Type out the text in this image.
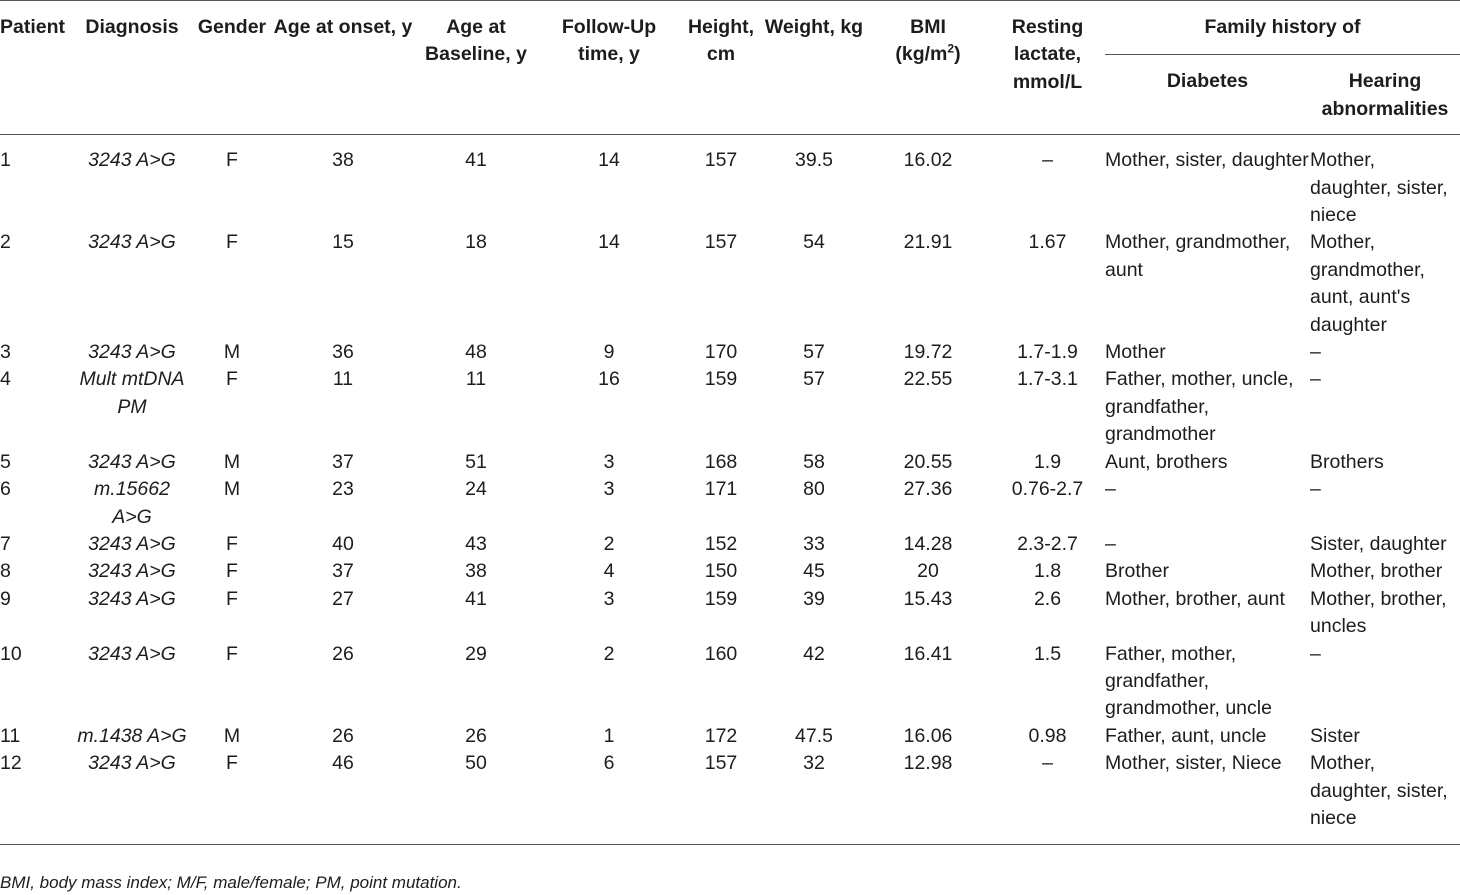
Patient	Diagnosis	Gender	Age at onset, y	Age at Baseline, y	Follow-Up time, y	Height, cm	Weight, kg	BMI
$(kg/m^2)$	Resting lactate, mmol/L	Family history of	
										Diabetes	Hearing abnormalities
1	3243 A>G	F	38	41	14	157	39.5	16.02	–	Mother, sister, daughter	Mother, daughter, sister, niece
2	3243 A>G	F	15	18	14	157	54	21.91	1.67	Mother, grandmother, aunt	Mother, grandmother, aunt, aunt's daughter
3	3243 A>G	M	36	48	9	170	57	19.72	1.7-1.9	Mother	–
4	Mult mtDNA PM	F	11	11	16	159	57	22.55	1.7-3.1	Father, mother, uncle, grandfather, grandmother	–
5	3243 A>G	M	37	51	3	168	58	20.55	1.9	Aunt, brothers	Brothers
6	m.15662 A>G	M	23	24	3	171	80	27.36	0.76-2.7	–	–
7	3243 A>G	F	40	43	2	152	33	14.28	2.3-2.7	–	Sister, daughter
8	3243 A>G	F	37	38	4	150	45	20	1.8	Brother	Mother, brother
9	3243 A>G	F	27	41	3	159	39	15.43	2.6	Mother, brother, aunt	Mother, brother, uncles
10	3243 A>G	F	26	29	2	160	42	16.41	1.5	Father, mother, grandfather, grandmother, uncle	–
11	m.1438 A>G	M	26	26	1	172	47.5	16.06	0.98	Father, aunt, uncle	Sister
12	3243 A>G	F	46	50	6	157	32	12.98	–	Mother, sister, Niece	Mother, daughter, sister, niece
BMI, body mass index; M/F, male/female; PM, point mutation.
